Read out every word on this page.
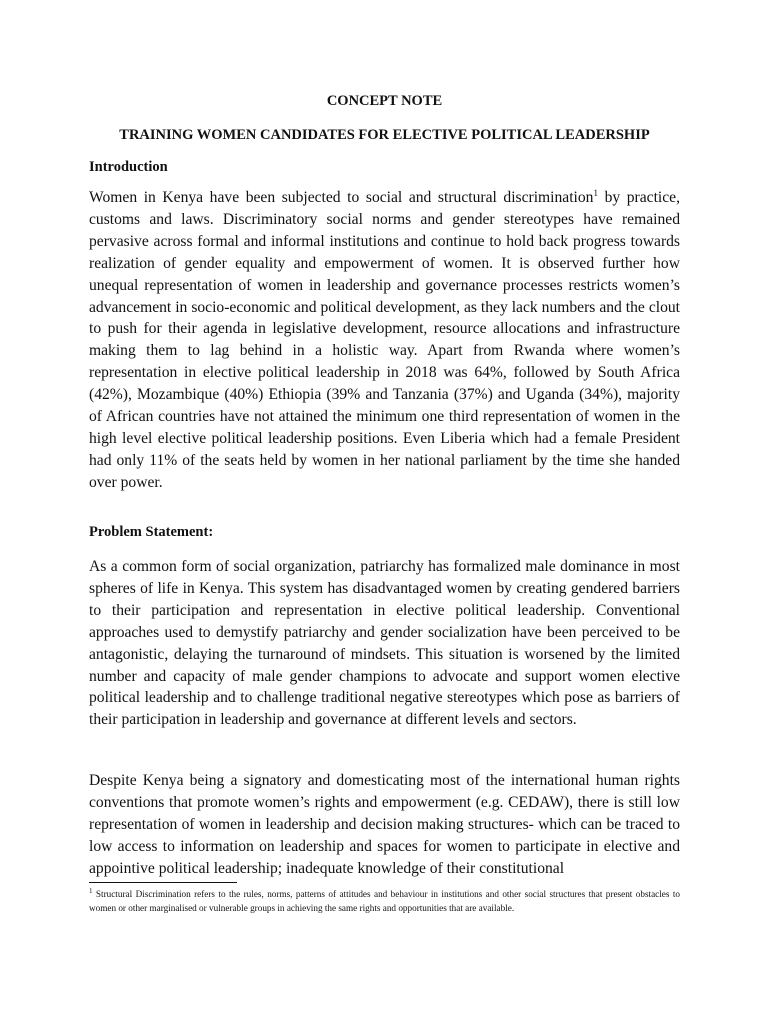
CONCEPT NOTE
TRAINING WOMEN CANDIDATES FOR ELECTIVE POLITICAL LEADERSHIP
Introduction

Women in Kenya have been subjected to social and structural discrimination$^1$ by practice, customs and laws. Discriminatory social norms and gender stereotypes have remained pervasive across formal and informal institutions and continue to hold back progress towards realization of gender equality and empowerment of women. It is observed further how unequal representation of women in leadership and governance processes restricts women’s advancement in socio-economic and political development, as they lack numbers and the clout to push for their agenda in legislative development, resource allocations and infrastructure making them to lag behind in a holistic way. Apart from Rwanda where women’s representation in elective political leadership in 2018 was 64%, followed by South Africa (42%), Mozambique (40%) Ethiopia (39% and Tanzania (37%) and Uganda (34%), majority of African countries have not attained the minimum one third representation of women in the high level elective political leadership positions. Even Liberia which had a female President had only 11% of the seats held by women in her national parliament by the time she handed over power.

Problem Statement:

As a common form of social organization, patriarchy has formalized male dominance in most spheres of life in Kenya. This system has disadvantaged women by creating gendered barriers to their participation and representation in elective political leadership. Conventional approaches used to demystify patriarchy and gender socialization have been perceived to be antagonistic, delaying the turnaround of mindsets. This situation is worsened by the limited number and capacity of male gender champions to advocate and support women elective political leadership and to challenge traditional negative stereotypes which pose as barriers of their participation in leadership and governance at different levels and sectors.

Despite Kenya being a signatory and domesticating most of the international human rights conventions that promote women’s rights and empowerment (e.g. CEDAW), there is still low representation of women in leadership and decision making structures- which can be traced to low access to information on leadership and spaces for women to participate in elective and appointive political leadership; inadequate knowledge of their constitutional

$^1$ Structural Discrimination refers to the rules, norms, patterns of attitudes and behaviour in institutions and other social structures that present obstacles to women or other marginalised or vulnerable groups in achieving the same rights and opportunities that are available.
